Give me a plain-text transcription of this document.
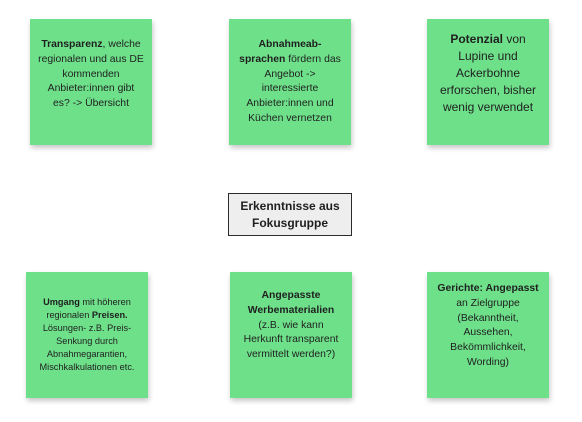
Transparenz, welche regionalen und aus DE kommenden Anbieter:innen gibt es? -> Übersicht

Abnahmeab- sprachen fördern das Angebot -> interessierte Anbieter:innen und Küchen vernetzen

Potenzial von Lupine und Ackerbohne erforschen, bisher wenig verwendet

Erkenntnisse aus
Fokusgruppe

Umgang mit höheren regionalen Preisen. Lösungen- z.B. Preis- Senkung durch Abnahmegarantien, Mischkalkulationen etc.

Angepasste Werbematerialien (z.B. wie kann Herkunft transparent vermittelt werden?)

Gerichte: Angepasst an Zielgruppe (Bekanntheit, Aussehen, Bekömmlichkeit, Wording)
